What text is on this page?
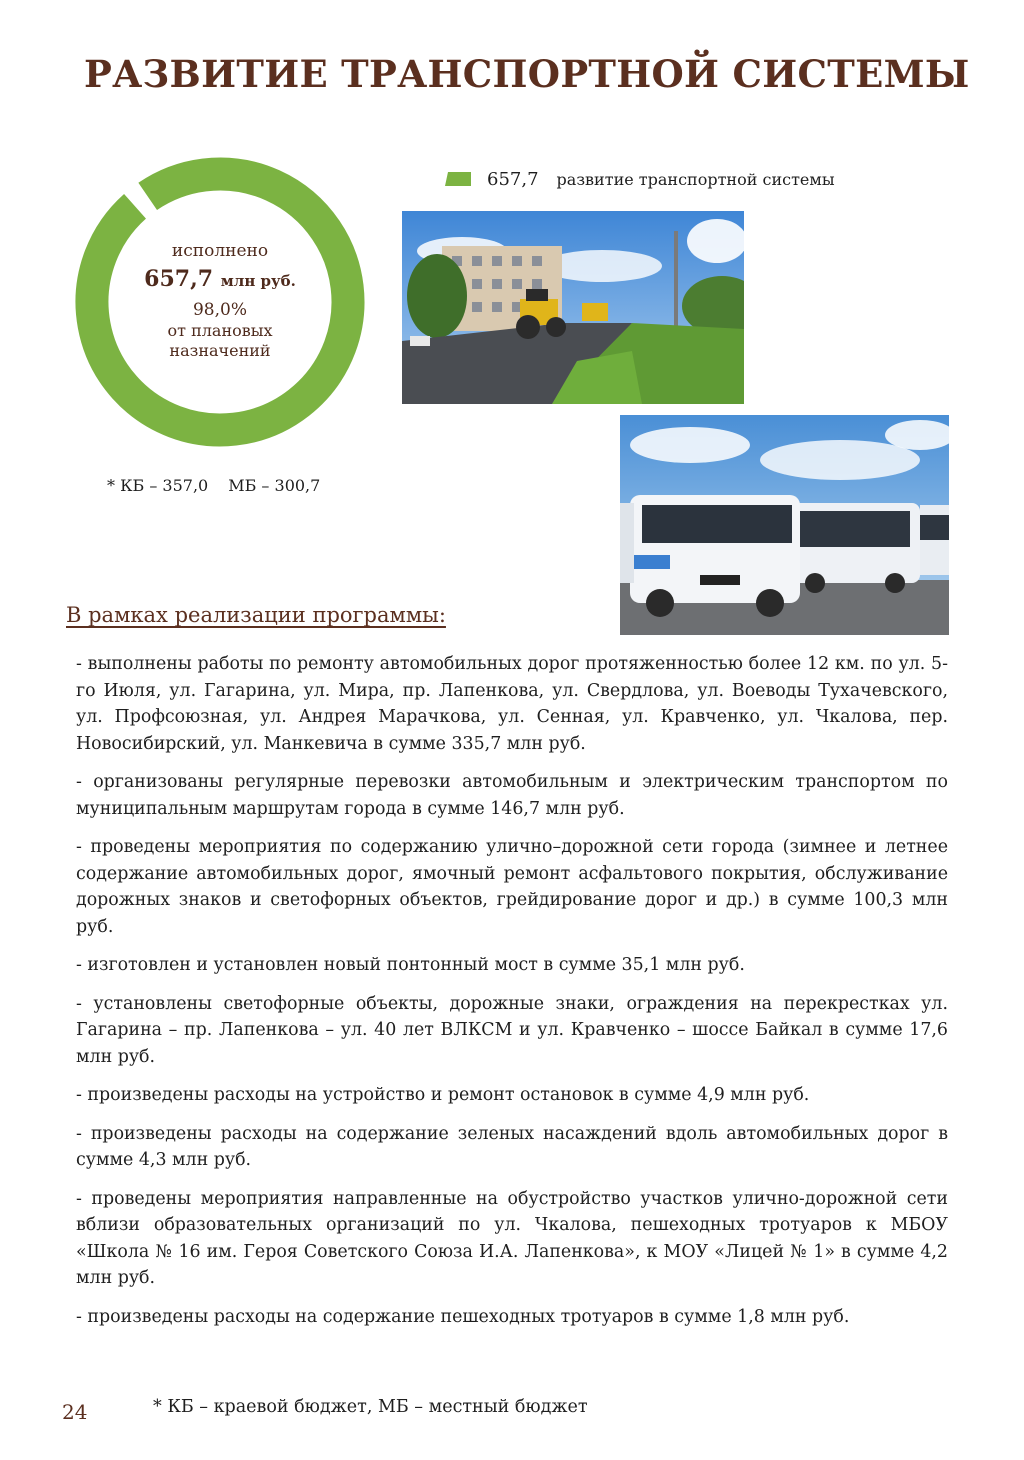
РАЗВИТИЕ ТРАНСПОРТНОЙ СИСТЕМЫ
исполнено
657,7 млн руб.
98,0%
от плановых
назначений
657,7 развитие транспортной системы
* КБ – 357,0 МБ – 300,7
В рамках реализации программы:

- выполнены работы по ремонту автомобильных дорог протяженностью более 12 км. по ул. 5-го Июля, ул. Гагарина, ул. Мира, пр. Лапенкова, ул. Свердлова, ул. Воеводы Тухачевского, ул. Профсоюзная, ул. Андрея Марачкова, ул. Сенная, ул. Кравченко, ул. Чкалова, пер. Новосибирский, ул. Манкевича в сумме 335,7 млн руб.

- организованы регулярные перевозки автомобильным и электрическим транспортом по муниципальным маршрутам города в сумме 146,7 млн руб.

- проведены мероприятия по содержанию улично–дорожной сети города (зимнее и летнее содержание автомобильных дорог, ямочный ремонт асфальтового покрытия, обслуживание дорожных знаков и светофорных объектов, грейдирование дорог и др.) в сумме 100,3 млн руб.

- изготовлен и установлен новый понтонный мост в сумме 35,1 млн руб.

- установлены светофорные объекты, дорожные знаки, ограждения на перекрестках ул. Гагарина – пр. Лапенкова – ул. 40 лет ВЛКСМ и ул. Кравченко – шоссе Байкал в сумме 17,6 млн руб.

- произведены расходы на устройство и ремонт остановок в сумме 4,9 млн руб.

- произведены расходы на содержание зеленых насаждений вдоль автомобильных дорог в сумме 4,3 млн руб.

- проведены мероприятия направленные на обустройство участков улично-дорожной сети вблизи образовательных организаций по ул. Чкалова, пешеходных тротуаров к МБОУ «Школа № 16 им. Героя Советского Союза И.А. Лапенкова», к МОУ «Лицей № 1» в сумме 4,2 млн руб.

- произведены расходы на содержание пешеходных тротуаров в сумме 1,8 млн руб.

24	* КБ – краевой бюджет, МБ – местный бюджет
